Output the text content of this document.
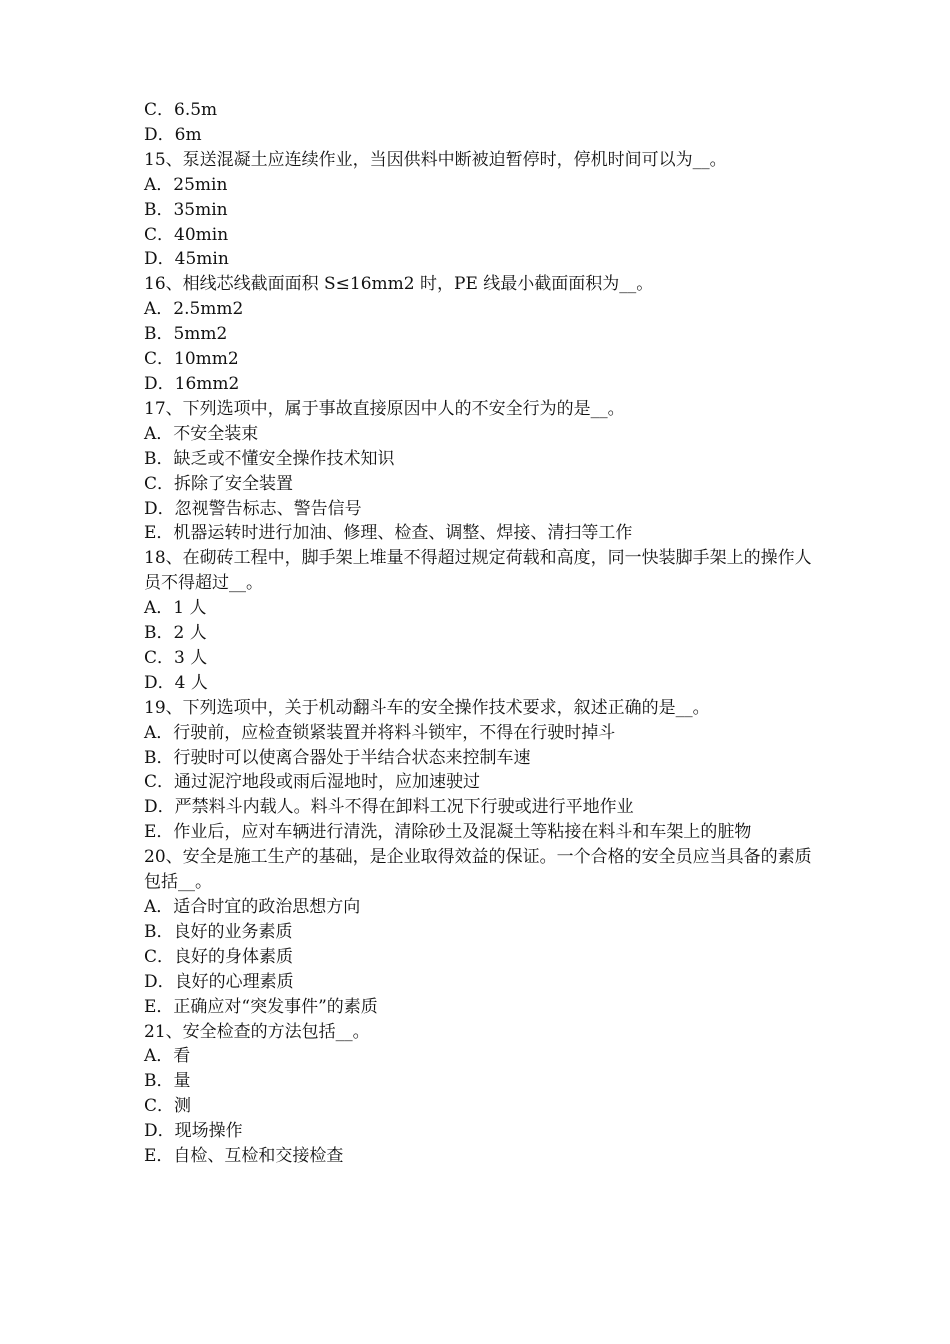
C．6.5m
D．6m
15、泵送混凝土应连续作业，当因供料中断被迫暂停时，停机时间可以为__。
A．25min
B．35min
C．40min
D．45min
16、相线芯线截面面积 S≤16mm2 时，PE 线最小截面面积为__。
A．2.5mm2
B．5mm2
C．10mm2
D．16mm2
17、下列选项中，属于事故直接原因中人的不安全行为的是__。
A．不安全装束
B．缺乏或不懂安全操作技术知识
C．拆除了安全装置
D．忽视警告标志、警告信号
E．机器运转时进行加油、修理、检查、调整、焊接、清扫等工作
18、在砌砖工程中，脚手架上堆量不得超过规定荷载和高度，同一快装脚手架上的操作人员不得超过__。
A．1 人
B．2 人
C．3 人
D．4 人
19、下列选项中，关于机动翻斗车的安全操作技术要求，叙述正确的是__。
A．行驶前，应检查锁紧装置并将料斗锁牢，不得在行驶时掉斗
B．行驶时可以使离合器处于半结合状态来控制车速
C．通过泥泞地段或雨后湿地时，应加速驶过
D．严禁料斗内载人。料斗不得在卸料工况下行驶或进行平地作业
E．作业后，应对车辆进行清洗，清除砂土及混凝土等粘接在料斗和车架上的脏物
20、安全是施工生产的基础，是企业取得效益的保证。一个合格的安全员应当具备的素质包括__。
A．适合时宜的政治思想方向
B．良好的业务素质
C．良好的身体素质
D．良好的心理素质
E．正确应对“突发事件”的素质
21、安全检查的方法包括__。
A．看
B．量
C．测
D．现场操作
E．自检、互检和交接检查
